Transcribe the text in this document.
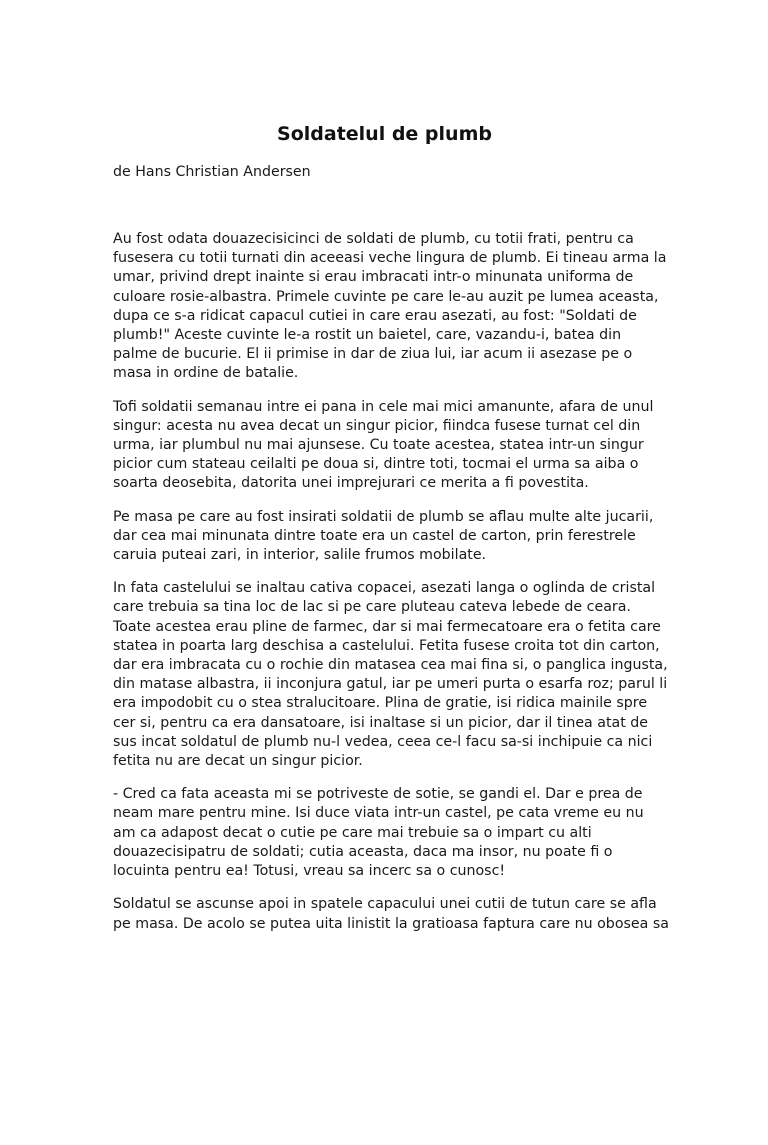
Soldatelul de plumb

de Hans Christian Andersen

Au fost odata douazecisicinci de soldati de plumb, cu totii frati, pentru ca
fusesera cu totii turnati din aceeasi veche lingura de plumb. Ei tineau arma la
umar, privind drept inainte si erau imbracati intr-o minunata uniforma de
culoare rosie-albastra. Primele cuvinte pe care le-au auzit pe lumea aceasta,
dupa ce s-a ridicat capacul cutiei in care erau asezati, au fost: "Soldati de
plumb!" Aceste cuvinte le-a rostit un baietel, care, vazandu-i, batea din
palme de bucurie. El ii primise in dar de ziua lui, iar acum ii asezase pe o
masa in ordine de batalie.

Tofi soldatii semanau intre ei pana in cele mai mici amanunte, afara de unul
singur: acesta nu avea decat un singur picior, fiindca fusese turnat cel din
urma, iar plumbul nu mai ajunsese. Cu toate acestea, statea intr-un singur
picior cum stateau ceilalti pe doua si, dintre toti, tocmai el urma sa aiba o
soarta deosebita, datorita unei imprejurari ce merita a fi povestita.

Pe masa pe care au fost insirati soldatii de plumb se aflau multe alte jucarii,
dar cea mai minunata dintre toate era un castel de carton, prin ferestrele
caruia puteai zari, in interior, salile frumos mobilate.

In fata castelului se inaltau cativa copacei, asezati langa o oglinda de cristal
care trebuia sa tina loc de lac si pe care pluteau cateva lebede de ceara.
Toate acestea erau pline de farmec, dar si mai fermecatoare era o fetita care
statea in poarta larg deschisa a castelului. Fetita fusese croita tot din carton,
dar era imbracata cu o rochie din matasea cea mai fina si, o panglica ingusta,
din matase albastra, ii inconjura gatul, iar pe umeri purta o esarfa roz; parul li
era impodobit cu o stea stralucitoare. Plina de gratie, isi ridica mainile spre
cer si, pentru ca era dansatoare, isi inaltase si un picior, dar il tinea atat de
sus incat soldatul de plumb nu-l vedea, ceea ce-l facu sa-si inchipuie ca nici
fetita nu are decat un singur picior.

- Cred ca fata aceasta mi se potriveste de sotie, se gandi el. Dar e prea de
neam mare pentru mine. Isi duce viata intr-un castel, pe cata vreme eu nu
am ca adapost decat o cutie pe care mai trebuie sa o impart cu alti
douazecisipatru de soldati; cutia aceasta, daca ma insor, nu poate fi o
locuinta pentru ea! Totusi, vreau sa incerc sa o cunosc!

Soldatul se ascunse apoi in spatele capacului unei cutii de tutun care se afla
pe masa. De acolo se putea uita linistit la gratioasa faptura care nu obosea sa
